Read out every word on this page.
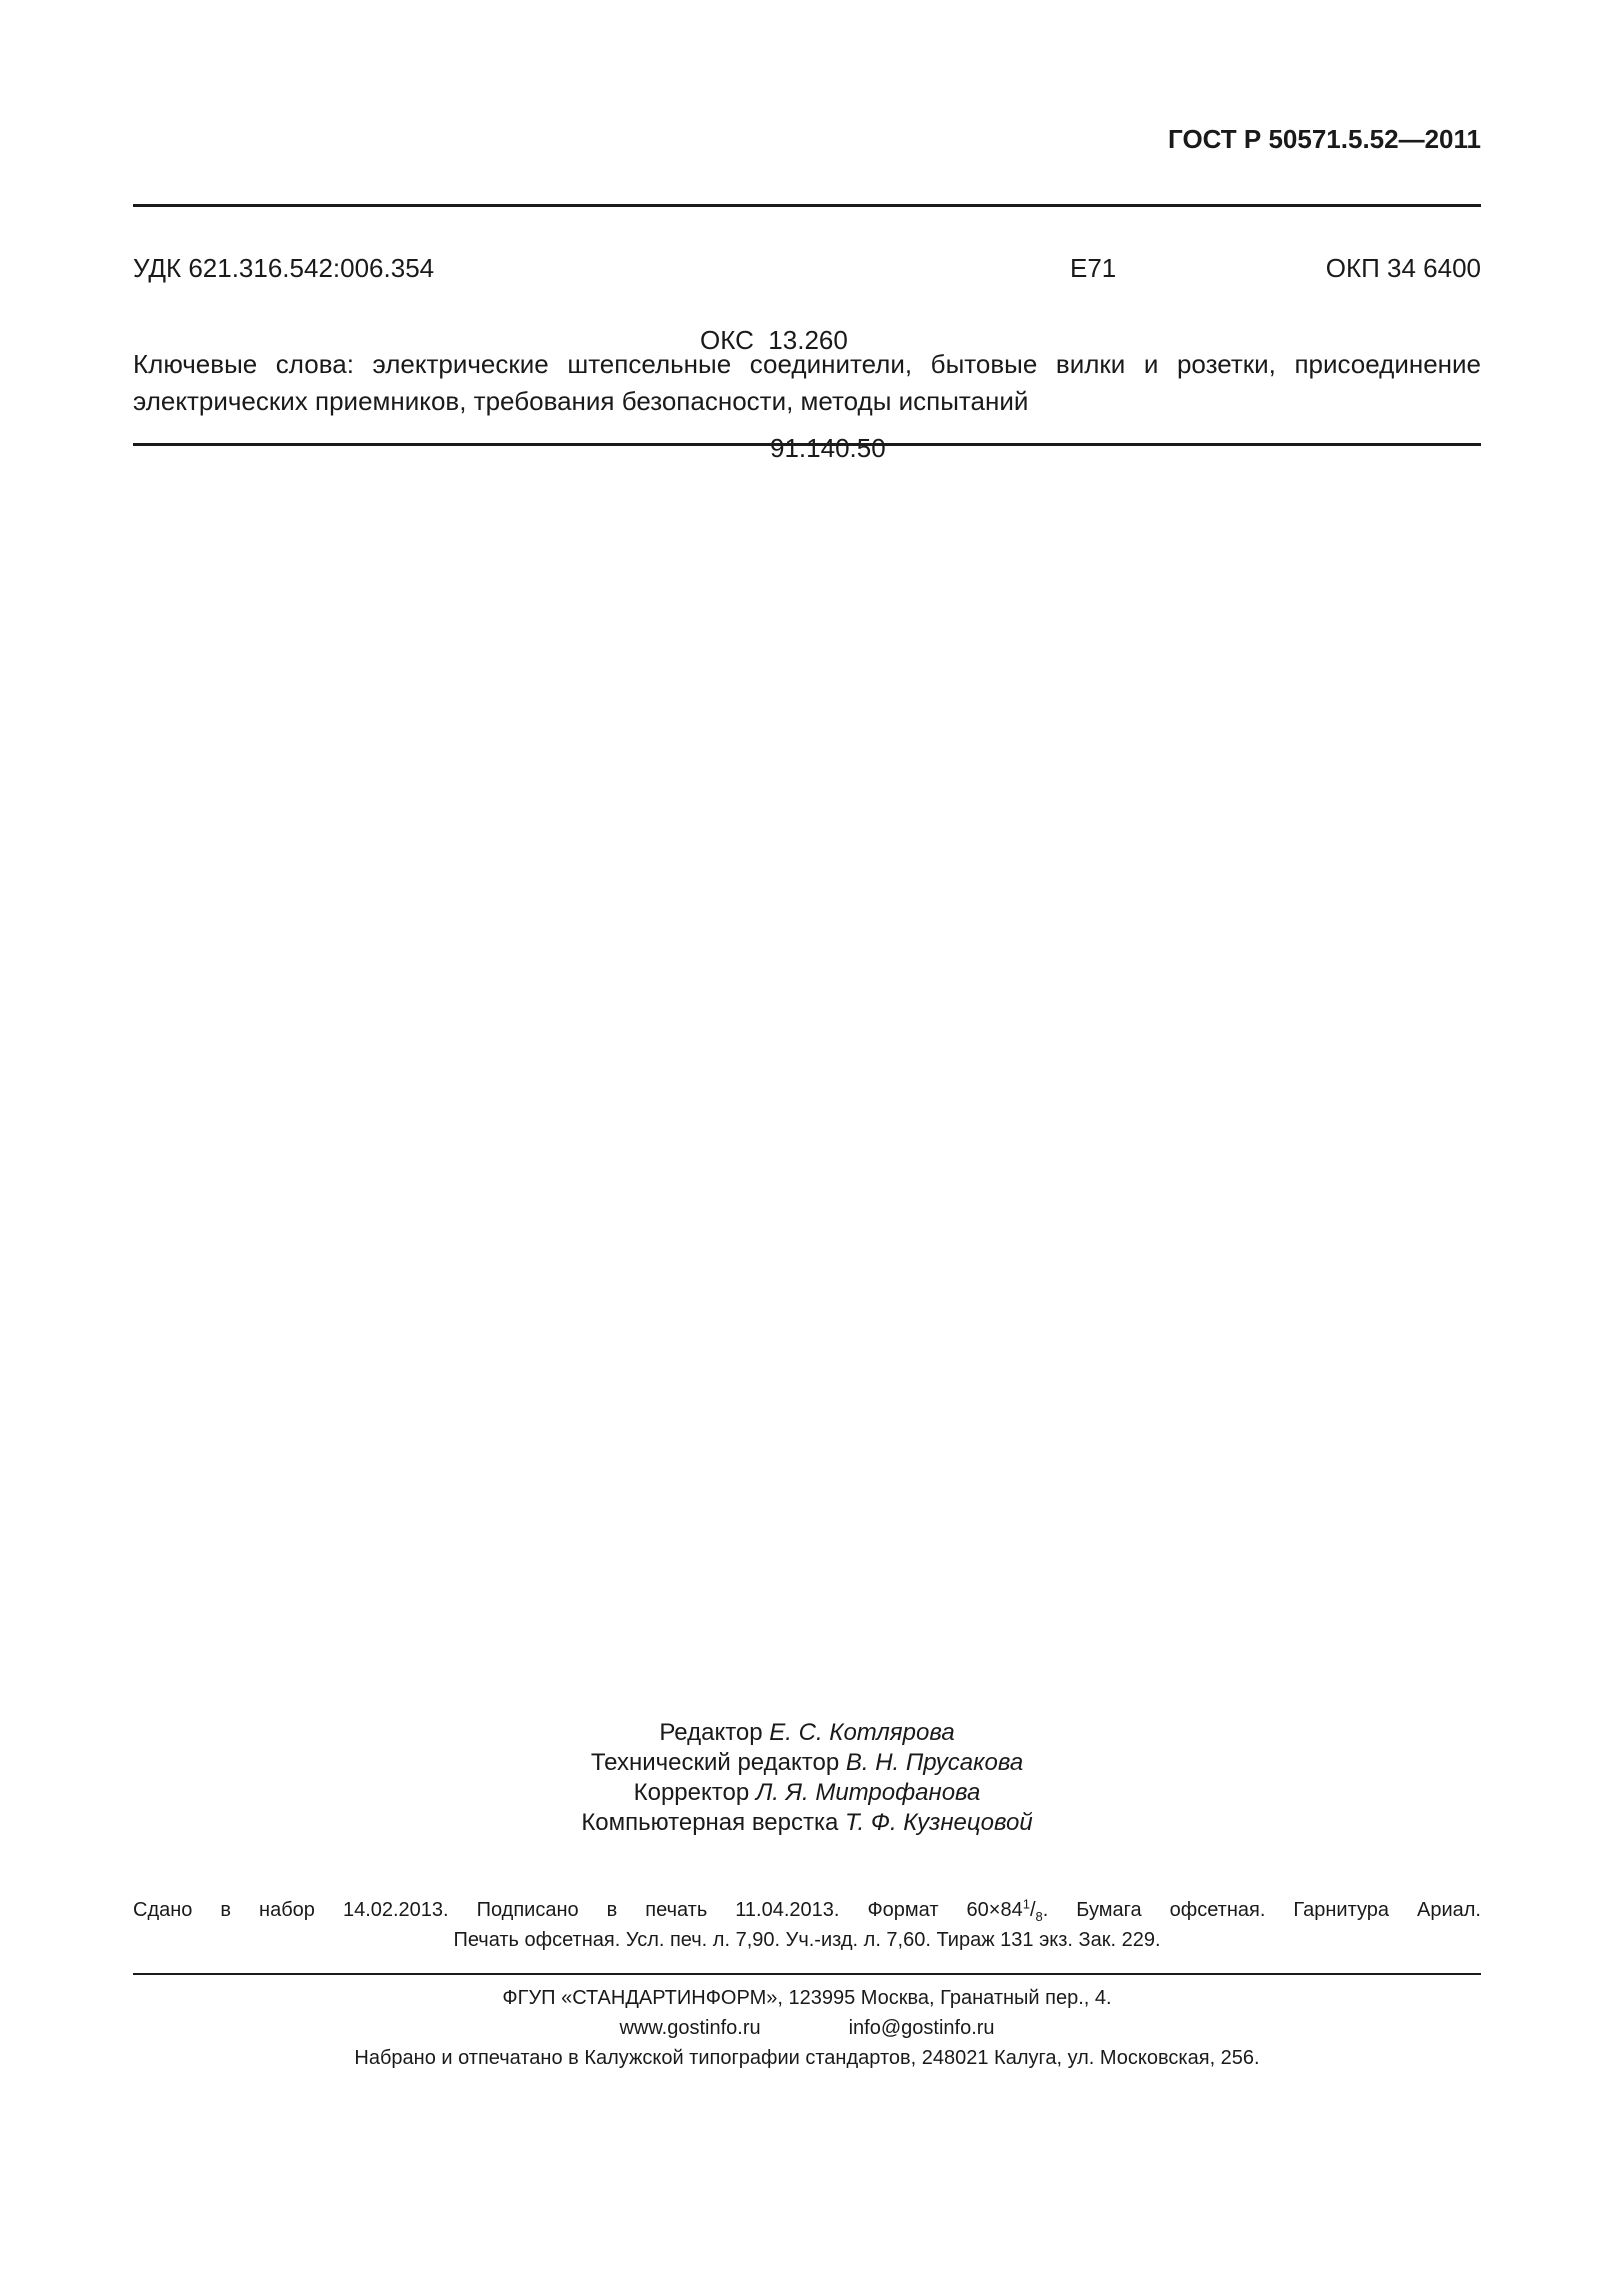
ГОСТ Р 50571.5.52—2011
УДК 621.316.542:006.354

ОКС  13.260

91.140.50

Е71	ОКП 34 6400
Ключевые слова: электрические штепсельные соединители, бытовые вилки и розетки, присоединение электрических приемников, требования безопасности, методы испытаний
Редактор Е. С. Котлярова
Технический редактор В. Н. Прусакова
Корректор Л. Я. Митрофанова
Компьютерная верстка Т. Ф. Кузнецовой
Сдано в набор 14.02.2013. Подписано в печать 11.04.2013. Формат $60\times 84^1/_8$. Бумага офсетная. Гарнитура Ариал.
Печать офсетная. Усл. печ. л. 7,90. Уч.-изд. л. 7,60. Тираж 131 экз. Зак. 229.
ФГУП «СТАНДАРТИНФОРМ», 123995 Москва, Гранатный пер., 4.
www.gostinfo.ru	info@gostinfo.ru
Набрано и отпечатано в Калужской типографии стандартов, 248021 Калуга, ул. Московская, 256.
